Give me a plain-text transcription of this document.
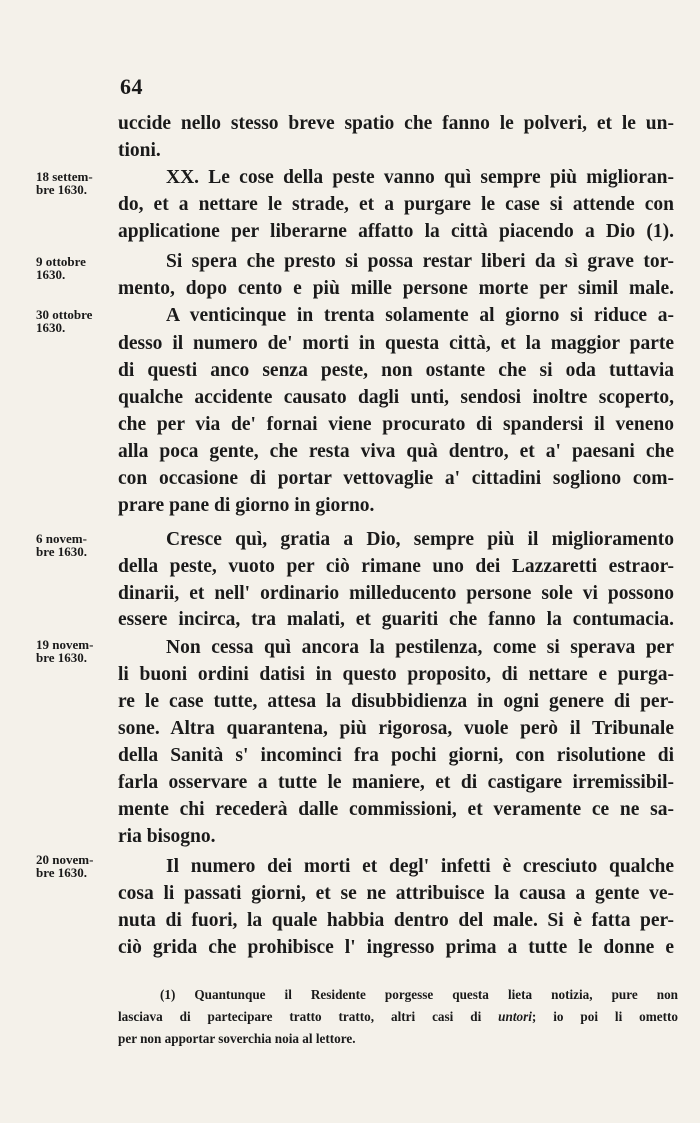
64
18 settem-
bre 1630.
9 ottobre
1630.
30 ottobre
1630.
6 novem-
bre 1630.
19 novem-
bre 1630.
20 novem-
bre 1630.
uccide nello stesso breve spatio che fanno le polveri, et le un-
tioni.
XX. Le cose della peste vanno quì sempre più miglioran-
do, et a nettare le strade, et a purgare le case si attende con
applicatione per liberarne affatto la città piacendo a Dio (1).
Si spera che presto si possa restar liberi da sì grave tor-
mento, dopo cento e più mille persone morte per simil male.
A venticinque in trenta solamente al giorno si riduce a-
desso il numero de' morti in questa città, et la maggior parte
di questi anco senza peste, non ostante che si oda tuttavia
qualche accidente causato dagli unti, sendosi inoltre scoperto,
che per via de' fornai viene procurato di spandersi il veneno
alla poca gente, che resta viva quà dentro, et a' paesani che
con occasione di portar vettovaglie a' cittadini sogliono com-
prare pane di giorno in giorno.
Cresce quì, gratia a Dio, sempre più il miglioramento
della peste, vuoto per ciò rimane uno dei Lazzaretti estraor-
dinarii, et nell' ordinario milleducento persone sole vi possono
essere incirca, tra malati, et guariti che fanno la contumacia.
Non cessa quì ancora la pestilenza, come si sperava per
li buoni ordini datisi in questo proposito, di nettare e purga-
re le case tutte, attesa la disubbidienza in ogni genere di per-
sone. Altra quarantena, più rigorosa, vuole però il Tribunale
della Sanità s' incominci fra pochi giorni, con risolutione di
farla osservare a tutte le maniere, et di castigare irremissibil-
mente chi recederà dalle commissioni, et veramente ce ne sa-
ria bisogno.
Il numero dei morti et degl' infetti è cresciuto qualche
cosa li passati giorni, et se ne attribuisce la causa a gente ve-
nuta di fuori, la quale habbia dentro del male. Si è fatta per-
ciò grida che prohibisce l' ingresso prima a tutte le donne e
(1) Quantunque il Residente porgesse questa lieta notizia, pure non
lasciava di partecipare tratto tratto, altri casi di untori; io poi li ometto
per non apportar soverchia noia al lettore.
